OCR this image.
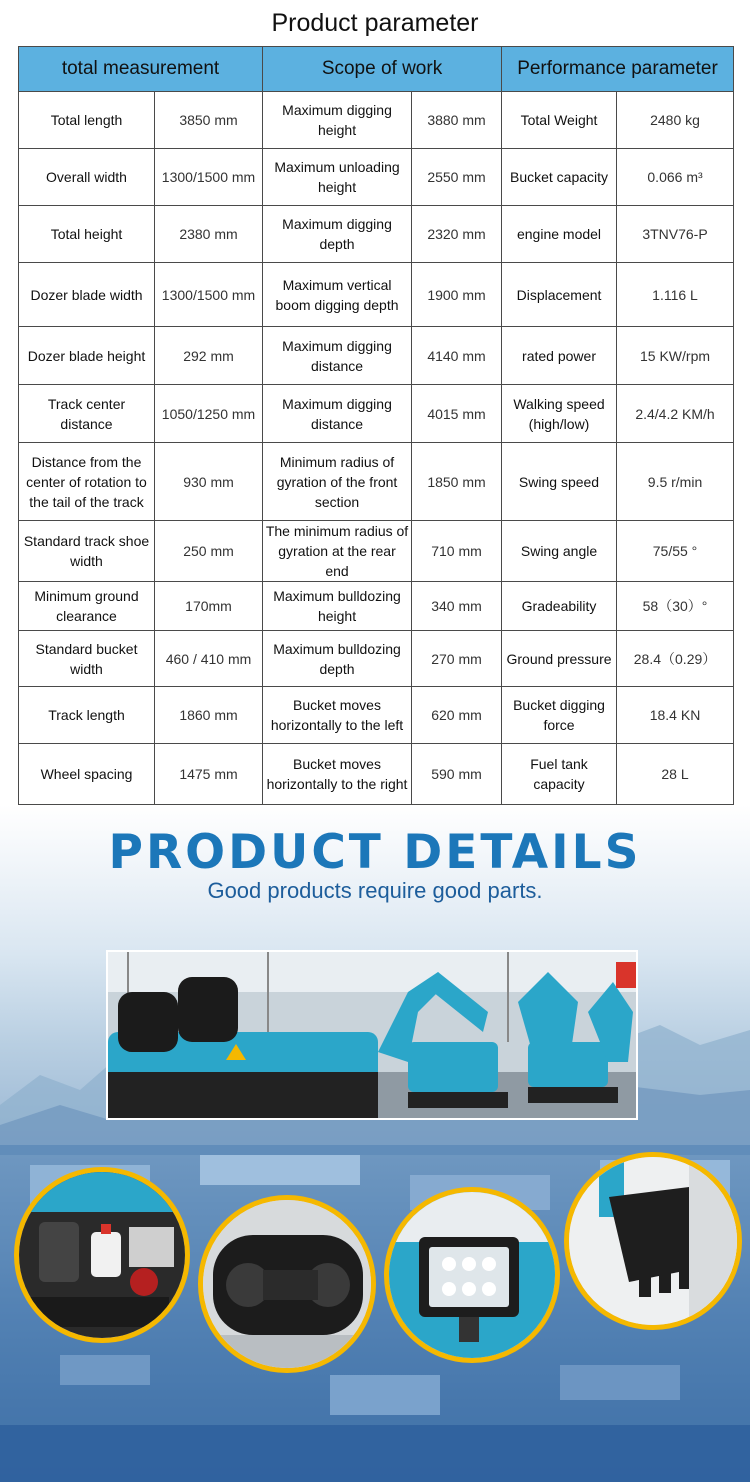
Product parameter
total measurement		Scope of work		Performance parameter	
Total length	3850 mm	Maximum digging height	3880 mm	Total Weight	2480 kg
Overall width	1300/1500 mm	Maximum unloading height	2550 mm	Bucket capacity	0.066 m³
Total height	2380 mm	Maximum digging depth	2320 mm	engine model	3TNV76-P
Dozer blade width	1300/1500 mm	Maximum vertical boom digging depth	1900 mm	Displacement	1.116 L
Dozer blade height	292 mm	Maximum digging distance	4140 mm	rated power	15 KW/rpm
Track center distance	1050/1250 mm	Maximum digging distance	4015 mm	Walking speed (high/low)	2.4/4.2 KM/h
Distance from the center of rotation to the tail of the track	930 mm	Minimum radius of gyration of the front section	1850 mm	Swing speed	9.5 r/min
Standard track shoe width	250 mm	The minimum radius of gyration at the rear end	710 mm	Swing angle	75/55 °
Minimum ground clearance	170mm	Maximum bulldozing height	340 mm	Gradeability	58（30）°
Standard bucket width	460 / 410 mm	Maximum bulldozing depth	270 mm	Ground pressure	28.4（0.29）
Track length	1860 mm	Bucket moves horizontally to the left	620 mm	Bucket digging force	18.4 KN
Wheel spacing	1475 mm	Bucket moves horizontally to the right	590 mm	Fuel tank capacity	28 L
PRODUCT DETAILS
Good products require good parts.
